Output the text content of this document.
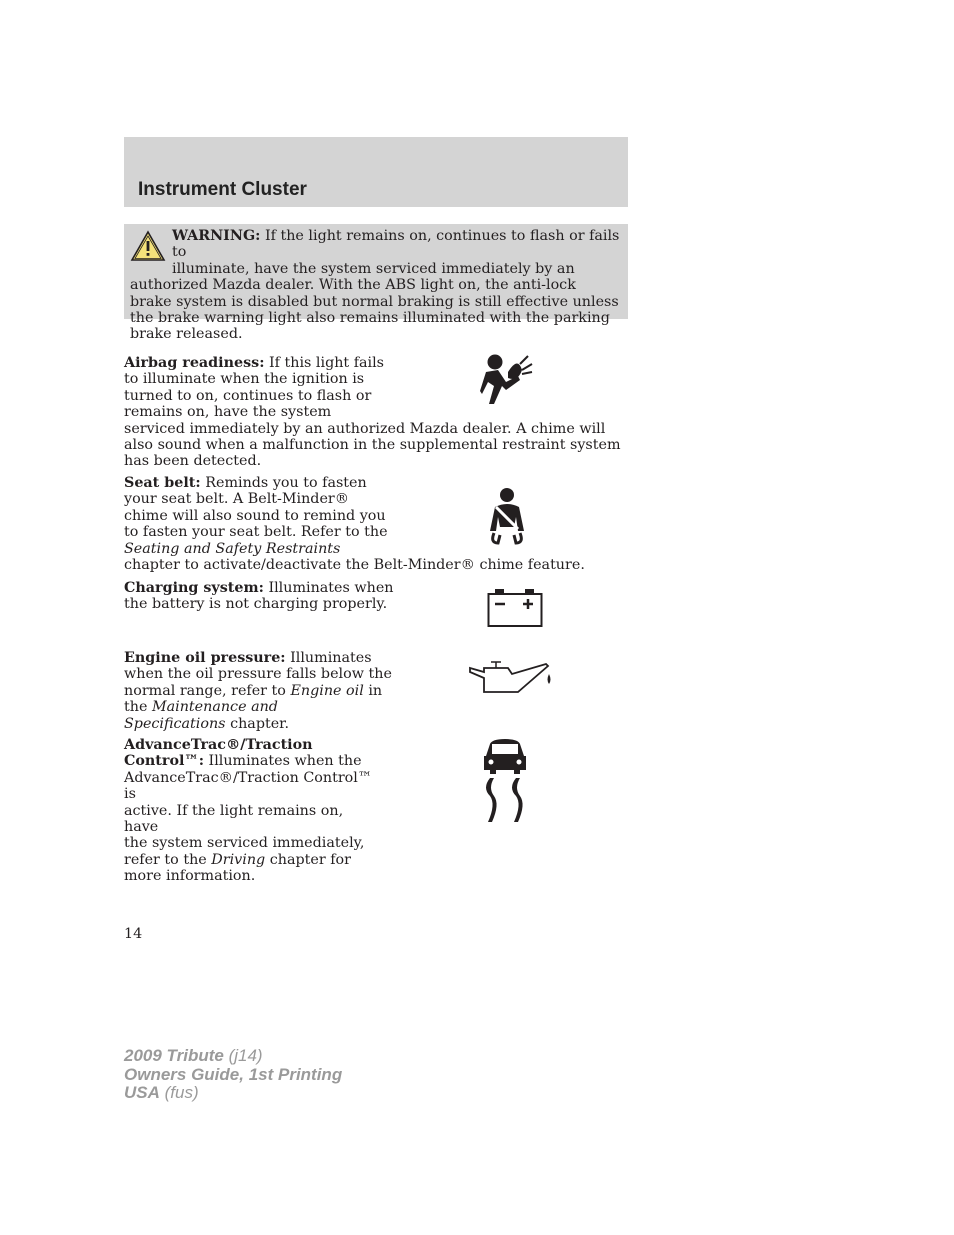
Instrument Cluster
WARNING: If the light remains on, continues to flash or fails to
illuminate, have the system serviced immediately by an
authorized Mazda dealer. With the ABS light on, the anti-lock brake system is disabled but normal braking is still effective unless the brake warning light also remains illuminated with the parking brake released.
Airbag readiness: If this light fails
to illuminate when the ignition is
turned to on, continues to flash or
remains on, have the system
serviced immediately by an authorized Mazda dealer. A chime will also sound when a malfunction in the supplemental restraint system has been detected.
Seat belt: Reminds you to fasten
your seat belt. A Belt-Minder®
chime will also sound to remind you
to fasten your seat belt. Refer to the
Seating and Safety Restraints
chapter to activate/deactivate the Belt-Minder® chime feature.
Charging system: Illuminates when
the battery is not charging properly.
Engine oil pressure: Illuminates
when the oil pressure falls below the
normal range, refer to Engine oil in
the Maintenance and
Specifications chapter.
AdvanceTrac®/Traction
Control™: Illuminates when the
AdvanceTrac®/Traction Control™ is
active. If the light remains on, have
the system serviced immediately,
refer to the Driving chapter for
more information.
14
2009 Tribute (j14)
Owners Guide, 1st Printing
USA (fus)
